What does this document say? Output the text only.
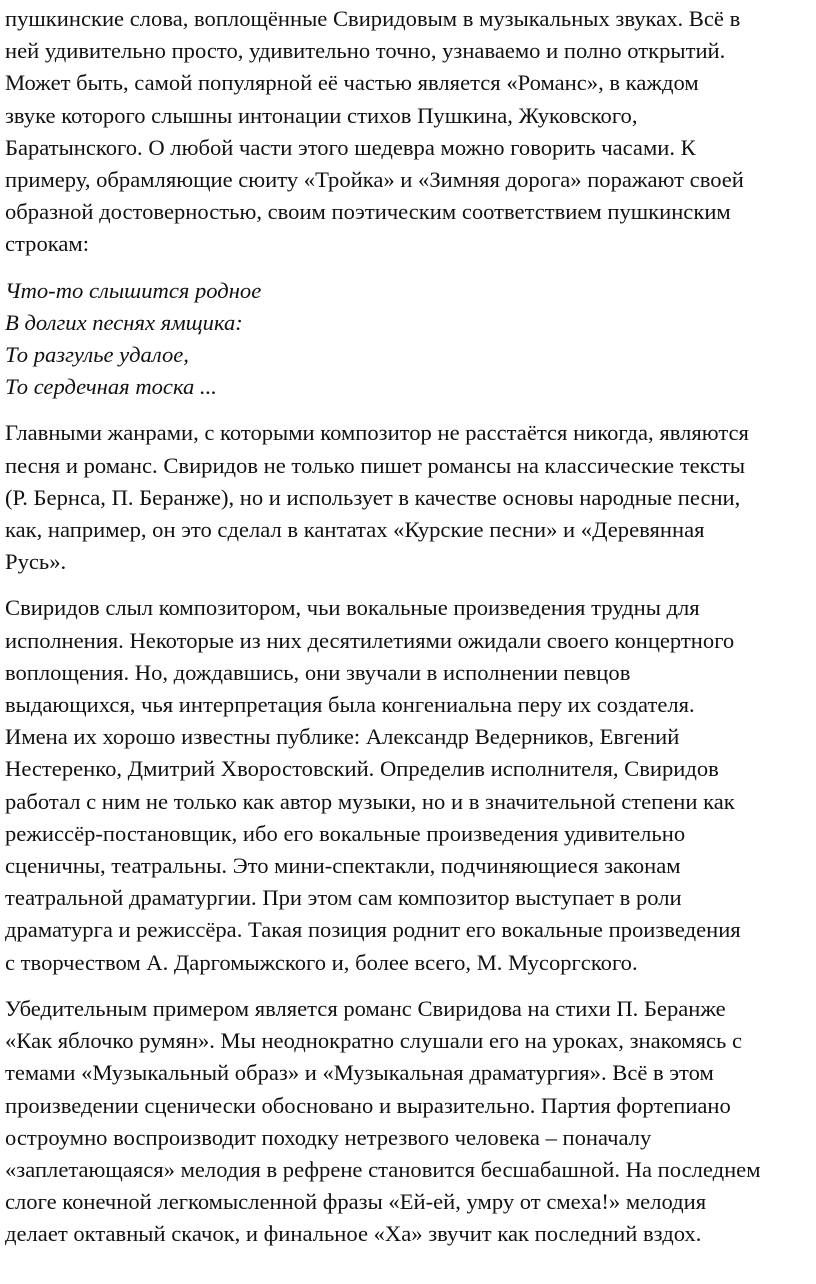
пушкинские слова, воплощённые Свиридовым в музыкальных звуках. Всё в
ней удивительно просто, удивительно точно, узнаваемо и полно открытий.
Может быть, самой популярной её частью является «Романс», в каждом
звуке которого слышны интонации стихов Пушкина, Жуковского,
Баратынского. О любой части этого шедевра можно говорить часами. К
примеру, обрамляющие сюиту «Тройка» и «Зимняя дорога» поражают своей
образной достоверностью, своим поэтическим соответствием пушкинским
строкам:
Что-то слышится родное
В долгих песнях ямщика:
То разгулье удалое,
То сердечная тоска ...
Главными жанрами, с которыми композитор не расстаётся никогда, являются
песня и романс. Свиридов не только пишет романсы на классические тексты
(Р. Бернса, П. Беранже), но и использует в качестве основы народные песни,
как, например, он это сделал в кантатах «Курские песни» и «Деревянная
Русь».
Свиридов слыл композитором, чьи вокальные произведения трудны для
исполнения. Некоторые из них десятилетиями ожидали своего концертного
воплощения. Но, дождавшись, они звучали в исполнении певцов
выдающихся, чья интерпретация была конгениальна перу их создателя.
Имена их хорошо известны публике: Александр Ведерников, Евгений
Нестеренко, Дмитрий Хворостовский. Определив исполнителя, Свиридов
работал с ним не только как автор музыки, но и в значительной степени как
режиссёр-постановщик, ибо его вокальные произведения удивительно
сценичны, театральны. Это мини-спектакли, подчиняющиеся законам
театральной драматургии. При этом сам композитор выступает в роли
драматурга и режиссёра. Такая позиция роднит его вокальные произведения
с творчеством А. Даргомыжского и, более всего, М. Мусоргского.
Убедительным примером является романс Свиридова на стихи П. Беранже
«Как яблочко румян». Мы неоднократно слушали его на уроках, знакомясь с
темами «Музыкальный образ» и «Музыкальная драматургия». Всё в этом
произведении сценически обосновано и выразительно. Партия фортепиано
остроумно воспроизводит походку нетрезвого человека – поначалу
«заплетающаяся» мелодия в рефрене становится бесшабашной. На последнем
слоге конечной легкомысленной фразы «Ей-ей, умру от смеха!» мелодия
делает октавный скачок, и финальное «Ха» звучит как последний вздох.
